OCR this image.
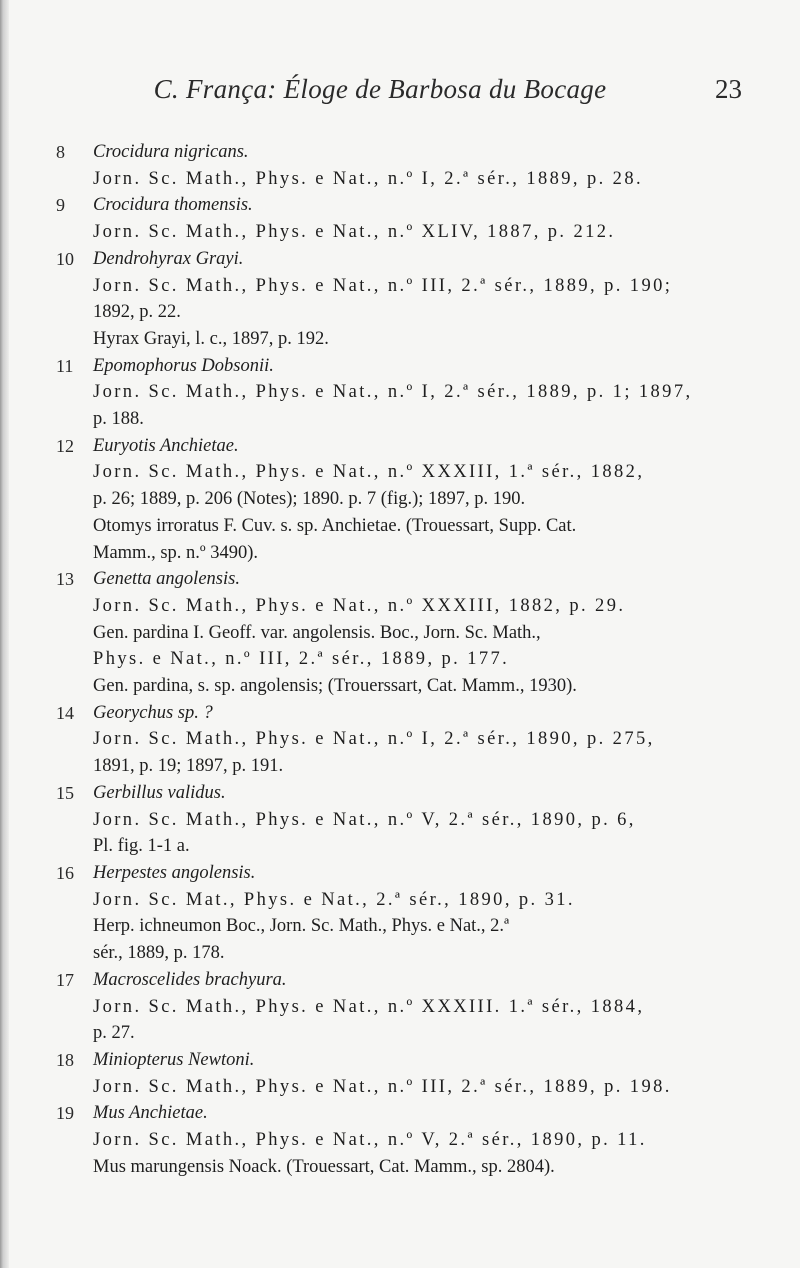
C. França: Éloge de Barbosa du Bocage	23
8	Crocidura nigricans.
Jorn. Sc. Math., Phys. e Nat., n.º I, 2.ª sér., 1889, p. 28.
9	Crocidura thomensis.
Jorn. Sc. Math., Phys. e Nat., n.º XLIV, 1887, p. 212.
10	Dendrohyrax Grayi.
Jorn. Sc. Math., Phys. e Nat., n.º III, 2.ª sér., 1889, p. 190;
1892, p. 22.
Hyrax Grayi, l. c., 1897, p. 192.
11	Epomophorus Dobsonii.
Jorn. Sc. Math., Phys. e Nat., n.º I, 2.ª sér., 1889, p. 1; 1897,
p. 188.
12	Euryotis Anchietae.
Jorn. Sc. Math., Phys. e Nat., n.º XXXIII, 1.ª sér., 1882,
p. 26; 1889, p. 206 (Notes); 1890. p. 7 (fig.); 1897, p. 190.
Otomys irroratus F. Cuv. s. sp. Anchietae. (Trouessart, Supp. Cat.
Mamm., sp. n.º 3490).
13	Genetta angolensis.
Jorn. Sc. Math., Phys. e Nat., n.º XXXIII, 1882, p. 29.
Gen. pardina I. Geoff. var. angolensis. Boc., Jorn. Sc. Math.,
Phys. e Nat., n.º III, 2.ª sér., 1889, p. 177.
Gen. pardina, s. sp. angolensis; (Trouerssart, Cat. Mamm., 1930).
14	Georychus sp. ?
Jorn. Sc. Math., Phys. e Nat., n.º I, 2.ª sér., 1890, p. 275,
1891, p. 19; 1897, p. 191.
15	Gerbillus validus.
Jorn. Sc. Math., Phys. e Nat., n.º V, 2.ª sér., 1890, p. 6,
Pl. fig. 1-1 a.
16	Herpestes angolensis.
Jorn. Sc. Mat., Phys. e Nat., 2.ª sér., 1890, p. 31.
Herp. ichneumon Boc., Jorn. Sc. Math., Phys. e Nat., 2.ª
sér., 1889, p. 178.
17	Macroscelides brachyura.
Jorn. Sc. Math., Phys. e Nat., n.º XXXIII. 1.ª sér., 1884,
p. 27.
18	Miniopterus Newtoni.
Jorn. Sc. Math., Phys. e Nat., n.º III, 2.ª sér., 1889, p. 198.
19	Mus Anchietae.
Jorn. Sc. Math., Phys. e Nat., n.º V, 2.ª sér., 1890, p. 11.
Mus marungensis Noack. (Trouessart, Cat. Mamm., sp. 2804).
